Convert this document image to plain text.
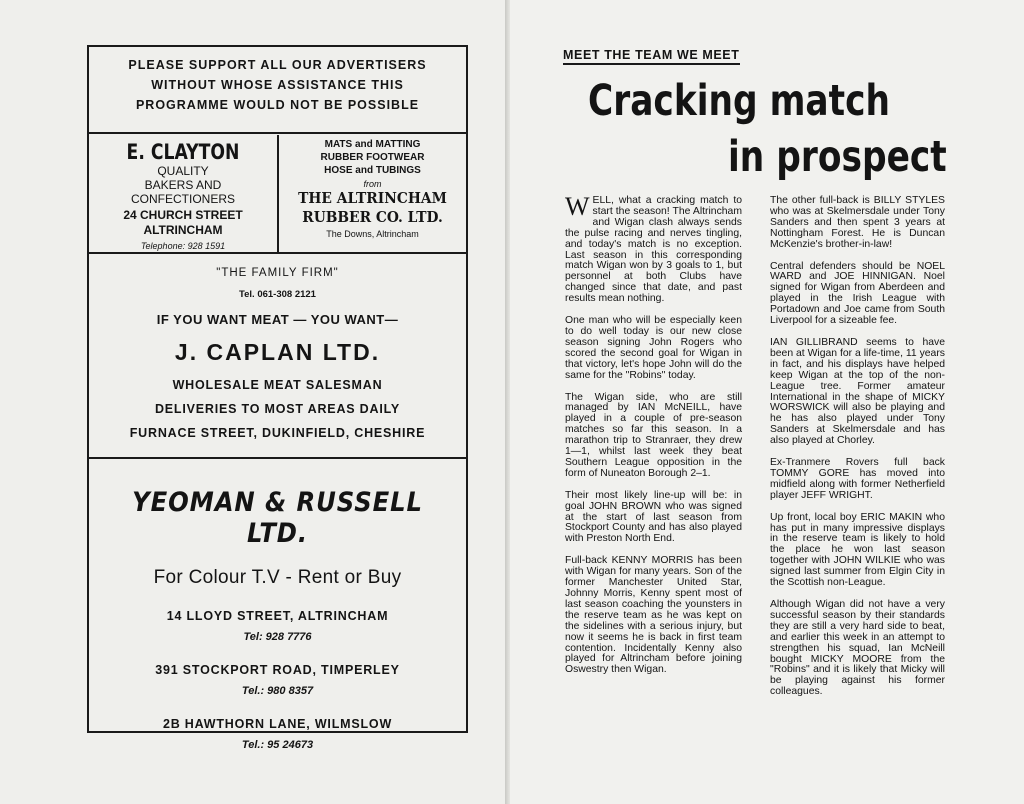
PLEASE SUPPORT ALL OUR ADVERTISERS
WITHOUT WHOSE ASSISTANCE THIS
PROGRAMME WOULD NOT BE POSSIBLE
E. CLAYTON
QUALITY
BAKERS AND
CONFECTIONERS
24 CHURCH STREET
ALTRINCHAM
Telephone: 928 1591
MATS and MATTING
RUBBER FOOTWEAR
HOSE and TUBINGS
from
THE ALTRINCHAM
RUBBER CO. LTD.
The Downs, Altrincham
"THE FAMILY FIRM"
Tel. 061-308 2121
IF YOU WANT MEAT — YOU WANT—
J. CAPLAN LTD.
WHOLESALE MEAT SALESMAN
DELIVERIES TO MOST AREAS DAILY
FURNACE STREET, DUKINFIELD, CHESHIRE
YEOMAN & RUSSELL LTD.
For Colour T.V - Rent or Buy
14 LLOYD STREET, ALTRINCHAM
Tel: 928 7776
391 STOCKPORT ROAD, TIMPERLEY
Tel.: 980 8357
2B HAWTHORN LANE, WILMSLOW
Tel.: 95 24673
MEET THE TEAM WE MEET
Cracking match
in prospect

WELL, what a cracking match to start the season! The Altrincham and Wigan clash always sends the pulse racing and nerves tingling, and today's match is no exception. Last season in this corresponding match Wigan won by 3 goals to 1, but personnel at both Clubs have changed since that date, and past results mean nothing.

One man who will be especially keen to do well today is our new close season signing John Rogers who scored the second goal for Wigan in that victory, let's hope John will do the same for the "Robins" today.

The Wigan side, who are still managed by IAN McNEILL, have played in a couple of pre-season matches so far this season. In a marathon trip to Stranraer, they drew 1—1, whilst last week they beat Southern League opposition in the form of Nuneaton Borough 2–1.

Their most likely line-up will be: in goal JOHN BROWN who was signed at the start of last season from Stockport County and has also played with Preston North End.

Full-back KENNY MORRIS has been with Wigan for many years. Son of the former Manchester United Star, Johnny Morris, Kenny spent most of last season coaching the younsters in the reserve team as he was kept on the sidelines with a serious injury, but now it seems he is back in first team contention. Incidentally Kenny also played for Altrincham before joining Oswestry then Wigan.

The other full-back is BILLY STYLES who was at Skelmersdale under Tony Sanders and then spent 3 years at Nottingham Forest. He is Duncan McKenzie's brother-in-law!

Central defenders should be NOEL WARD and JOE HINNIGAN. Noel signed for Wigan from Aberdeen and played in the Irish League with Portadown and Joe came from South Liverpool for a sizeable fee.

IAN GILLIBRAND seems to have been at Wigan for a life-time, 11 years in fact, and his displays have helped keep Wigan at the top of the non-League tree. Former amateur International in the shape of MICKY WORSWICK will also be playing and he has also played under Tony Sanders at Skelmersdale and has also played at Chorley.

Ex-Tranmere Rovers full back TOMMY GORE has moved into midfield along with former Netherfield player JEFF WRIGHT.

Up front, local boy ERIC MAKIN who has put in many impressive displays in the reserve team is likely to hold the place he won last season together with JOHN WILKIE who was signed last summer from Elgin City in the Scottish non-League.

Although Wigan did not have a very successful season by their standards they are still a very hard side to beat, and earlier this week in an attempt to strengthen his squad, Ian McNeill bought MICKY MOORE from the "Robins" and it is likely that Micky will be playing against his former colleagues.
